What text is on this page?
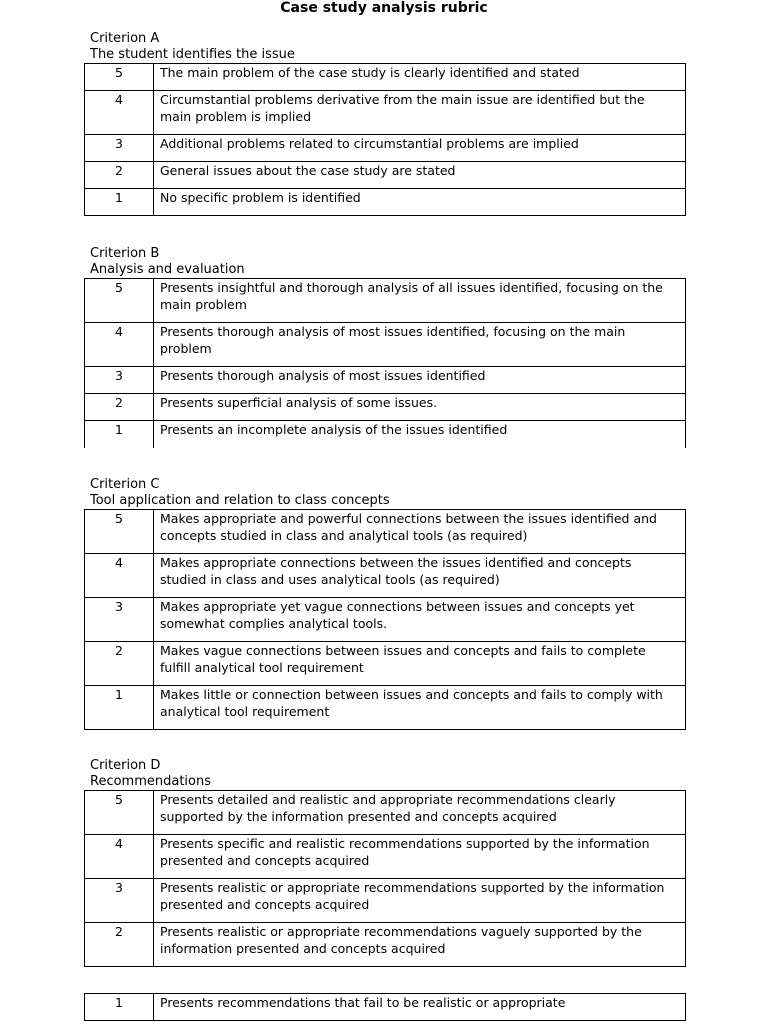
Case study analysis rubric
Criterion A
The student identifies the issue
5	The main problem of the case study is clearly identified and stated
4	Circumstantial problems derivative from the main issue are identified but the main problem is implied
3	Additional problems related to circumstantial problems are implied
2	General issues about the case study are stated
1	No specific problem is identified
Criterion B
Analysis and evaluation
5	Presents insightful and thorough analysis of all issues identified, focusing on the main problem
4	Presents thorough analysis of most issues identified, focusing on the main problem
3	Presents thorough analysis of most issues identified
2	Presents superficial analysis of some issues.
1	Presents an incomplete analysis of the issues identified
Criterion C
Tool application and relation to class concepts
5	Makes appropriate and powerful connections between the issues identified and concepts studied in class and analytical tools (as required)
4	Makes appropriate connections between the issues identified and concepts studied in class and uses analytical tools (as required)
3	Makes appropriate yet vague connections between issues and concepts yet somewhat complies analytical tools.
2	Makes vague connections between issues and concepts and fails to complete fulfill analytical tool requirement
1	Makes little or connection between issues and concepts and fails to comply with analytical tool requirement
Criterion D
Recommendations
5	Presents detailed and realistic and appropriate recommendations clearly supported by the information presented and concepts acquired
4	Presents specific and realistic recommendations supported by the information presented and concepts acquired
3	Presents realistic or appropriate recommendations supported by the information presented and concepts acquired
2	Presents realistic or appropriate recommendations vaguely supported by the information presented and concepts acquired
1	Presents recommendations that fail to be realistic or appropriate
